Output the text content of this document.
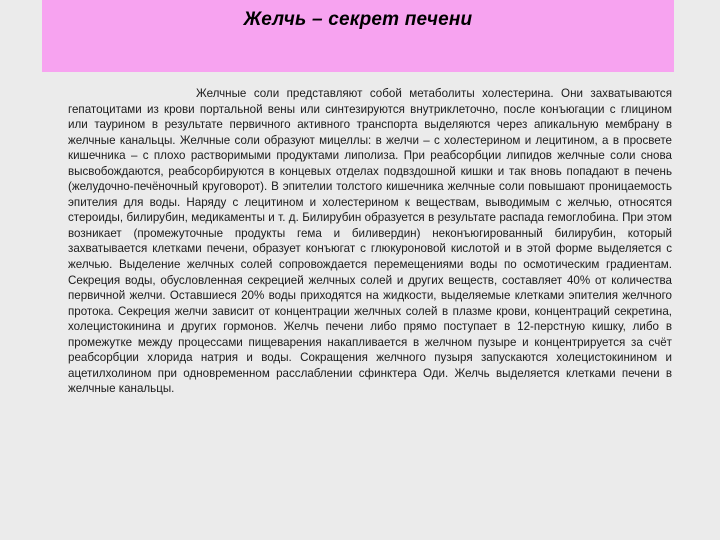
Желчь – секрет печени

Желчные соли представляют собой метаболиты холестерина. Они захватываются гепатоцитами из крови портальной вены или синтезируются внутриклеточно, после конъюгации с глицином или таурином в результате первичного активного транспорта выделяются через апикальную мембрану в желчные канальцы. Желчные соли образуют мицеллы: в желчи – с холестерином и лецитином, а в просвете кишечника – с плохо растворимыми продуктами липолиза. При реабсорбции липидов желчные соли снова высвобождаются, реабсорбируются в концевых отделах подвздошной кишки и так вновь попадают в печень (желудочно-печёночный круговорот). В эпителии толстого кишечника желчные соли повышают проницаемость эпителия для воды. Наряду с лецитином и холестерином к веществам, выводимым с желчью, относятся стероиды, билирубин, медикаменты и т. д. Билирубин образуется в результате распада гемоглобина. При этом возникает (промежуточные продукты гема и биливердин) неконъюгированный билирубин, который захватывается клетками печени, образует конъюгат с глюкуроновой кислотой и в этой форме выделяется с желчью. Выделение желчных солей сопровождается перемещениями воды по осмотическим градиентам. Секреция воды, обусловленная секрецией желчных солей и других веществ, составляет 40% от количества первичной желчи. Оставшиеся 20% воды приходятся на жидкости, выделяемые клетками эпителия желчного протока. Секреция желчи зависит от концентрации желчных солей в плазме крови, концентраций секретина, холецистокинина и других гормонов. Желчь печени либо прямо поступает в 12-перстную кишку, либо в промежутке между процессами пищеварения накапливается в желчном пузыре и концентрируется за счёт реабсорбции хлорида натрия и воды. Сокращения желчного пузыря запускаются холецистокинином и ацетилхолином при одновременном расслаблении сфинктера Оди. Желчь выделяется клетками печени в желчные канальцы.
